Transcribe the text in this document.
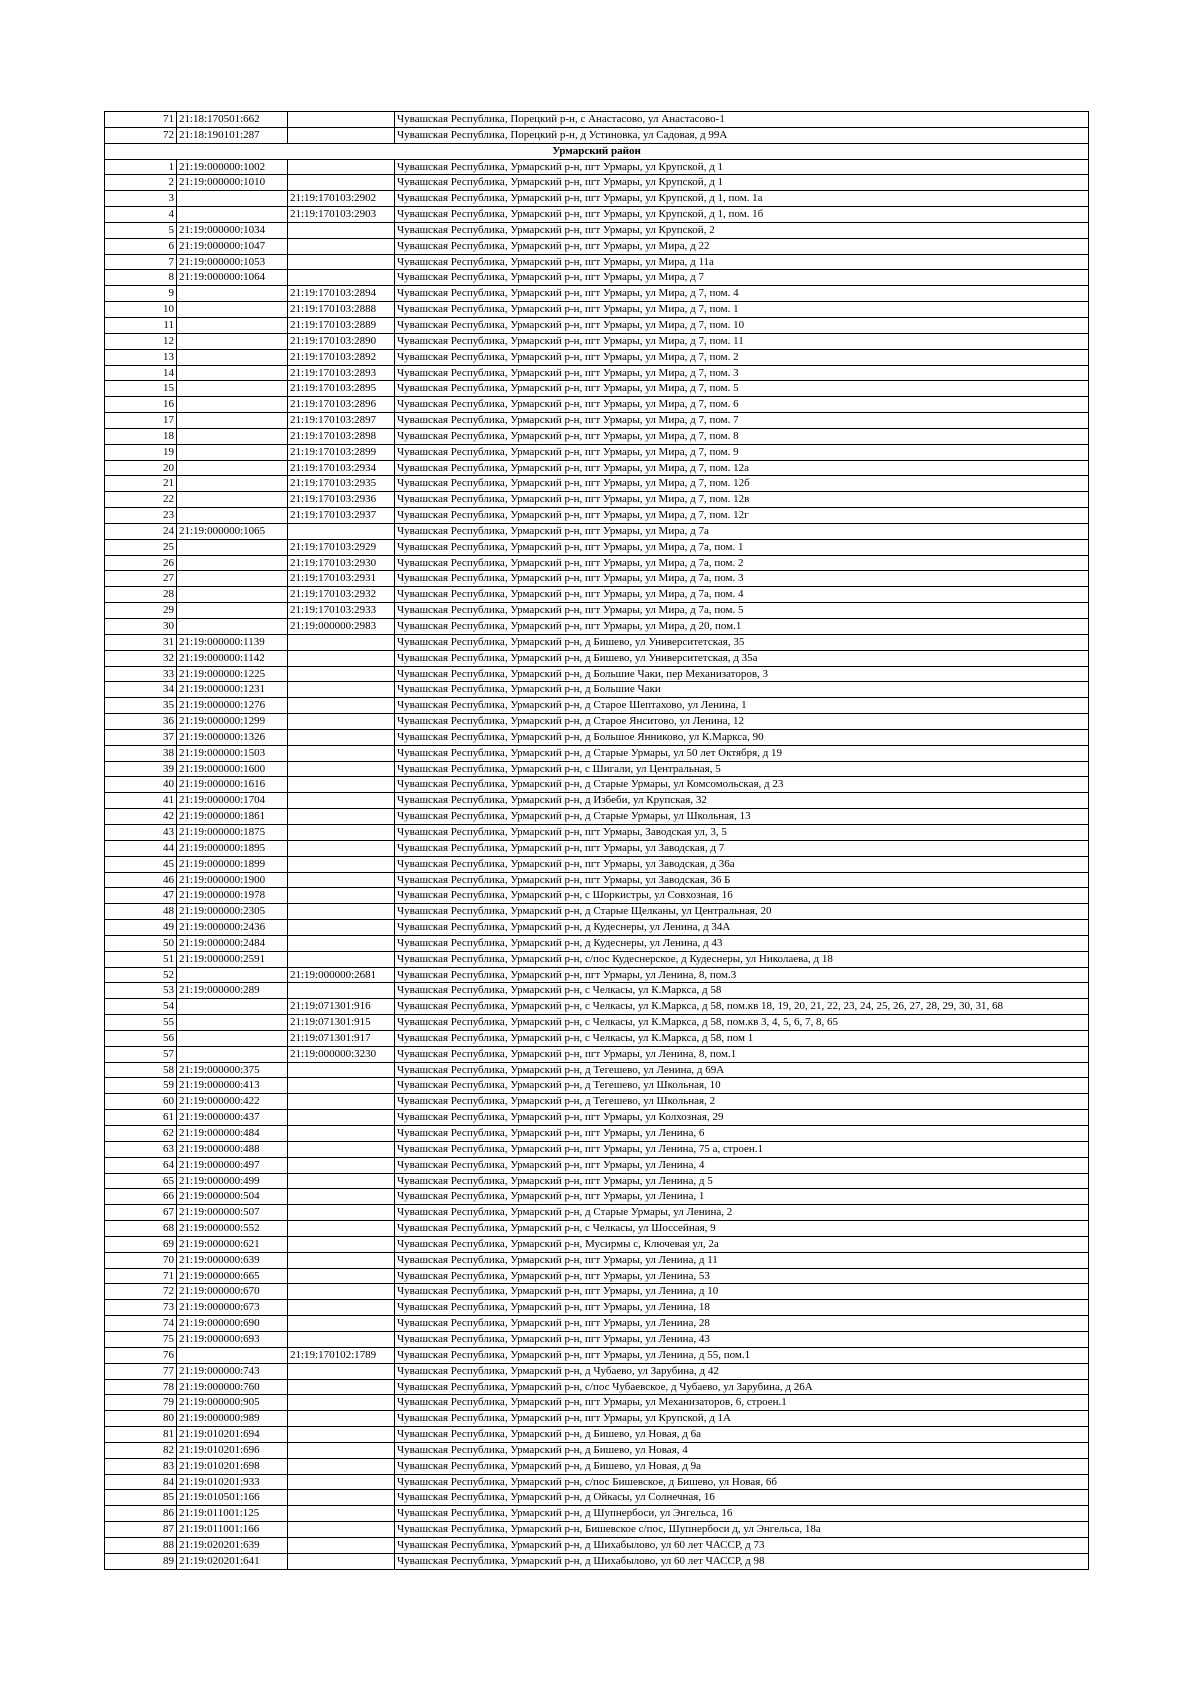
71	21:18:170501:662		Чувашская Республика, Порецкий р-н, с Анастасово, ул Анастасово-1
72	21:18:190101:287		Чувашская Республика, Порецкий р-н, д Устиновка, ул Садовая, д 99А
Урмарский район			
1	21:19:000000:1002		Чувашская Республика, Урмарский р-н, пгт Урмары, ул Крупской, д 1
2	21:19:000000:1010		Чувашская Республика, Урмарский р-н, пгт Урмары, ул Крупской, д 1
3		21:19:170103:2902	Чувашская Республика, Урмарский р-н, пгт Урмары, ул Крупской, д 1, пом. 1а
4		21:19:170103:2903	Чувашская Республика, Урмарский р-н, пгт Урмары, ул Крупской, д 1, пом. 1б
5	21:19:000000:1034		Чувашская Республика, Урмарский р-н, пгт Урмары, ул Крупской, 2
6	21:19:000000:1047		Чувашская Республика, Урмарский р-н, пгт Урмары, ул Мира, д 22
7	21:19:000000:1053		Чувашская Республика, Урмарский р-н, пгт Урмары, ул Мира, д 11а
8	21:19:000000:1064		Чувашская Республика, Урмарский р-н, пгт Урмары, ул Мира, д 7
9		21:19:170103:2894	Чувашская Республика, Урмарский р-н, пгт Урмары, ул Мира, д 7, пом. 4
10		21:19:170103:2888	Чувашская Республика, Урмарский р-н, пгт Урмары, ул Мира, д 7, пом. 1
11		21:19:170103:2889	Чувашская Республика, Урмарский р-н, пгт Урмары, ул Мира, д 7, пом. 10
12		21:19:170103:2890	Чувашская Республика, Урмарский р-н, пгт Урмары, ул Мира, д 7, пом. 11
13		21:19:170103:2892	Чувашская Республика, Урмарский р-н, пгт Урмары, ул Мира, д 7, пом. 2
14		21:19:170103:2893	Чувашская Республика, Урмарский р-н, пгт Урмары, ул Мира, д 7, пом. 3
15		21:19:170103:2895	Чувашская Республика, Урмарский р-н, пгт Урмары, ул Мира, д 7, пом. 5
16		21:19:170103:2896	Чувашская Республика, Урмарский р-н, пгт Урмары, ул Мира, д 7, пом. 6
17		21:19:170103:2897	Чувашская Республика, Урмарский р-н, пгт Урмары, ул Мира, д 7, пом. 7
18		21:19:170103:2898	Чувашская Республика, Урмарский р-н, пгт Урмары, ул Мира, д 7, пом. 8
19		21:19:170103:2899	Чувашская Республика, Урмарский р-н, пгт Урмары, ул Мира, д 7, пом. 9
20		21:19:170103:2934	Чувашская Республика, Урмарский р-н, пгт Урмары, ул Мира, д 7, пом. 12а
21		21:19:170103:2935	Чувашская Республика, Урмарский р-н, пгт Урмары, ул Мира, д 7, пом. 12б
22		21:19:170103:2936	Чувашская Республика, Урмарский р-н, пгт Урмары, ул Мира, д 7, пом. 12в
23		21:19:170103:2937	Чувашская Республика, Урмарский р-н, пгт Урмары, ул Мира, д 7, пом. 12г
24	21:19:000000:1065		Чувашская Республика, Урмарский р-н, пгт Урмары, ул Мира, д 7а
25		21:19:170103:2929	Чувашская Республика, Урмарский р-н, пгт Урмары, ул Мира, д 7а, пом. 1
26		21:19:170103:2930	Чувашская Республика, Урмарский р-н, пгт Урмары, ул Мира, д 7а, пом. 2
27		21:19:170103:2931	Чувашская Республика, Урмарский р-н, пгт Урмары, ул Мира, д 7а, пом. 3
28		21:19:170103:2932	Чувашская Республика, Урмарский р-н, пгт Урмары, ул Мира, д 7а, пом. 4
29		21:19:170103:2933	Чувашская Республика, Урмарский р-н, пгт Урмары, ул Мира, д 7а, пом. 5
30		21:19:000000:2983	Чувашская Республика, Урмарский р-н, пгт Урмары, ул Мира, д 20, пом.1
31	21:19:000000:1139		Чувашская Республика, Урмарский р-н, д Бишево, ул Университетская, 35
32	21:19:000000:1142		Чувашская Республика, Урмарский р-н, д Бишево, ул Университетская, д 35а
33	21:19:000000:1225		Чувашская Республика, Урмарский р-н, д Большие Чаки, пер Механизаторов, 3
34	21:19:000000:1231		Чувашская Республика, Урмарский р-н, д Большие Чаки
35	21:19:000000:1276		Чувашская Республика, Урмарский р-н, д Старое Шептахово, ул Ленина, 1
36	21:19:000000:1299		Чувашская Республика, Урмарский р-н, д Старое Янситово, ул Ленина, 12
37	21:19:000000:1326		Чувашская Республика, Урмарский р-н, д Большое Янниково, ул К.Маркса, 90
38	21:19:000000:1503		Чувашская Республика, Урмарский р-н, д Старые Урмары, ул 50 лет Октября, д 19
39	21:19:000000:1600		Чувашская Республика, Урмарский р-н, с Шигали, ул Центральная, 5
40	21:19:000000:1616		Чувашская Республика, Урмарский р-н, д Старые Урмары, ул Комсомольская, д 23
41	21:19:000000:1704		Чувашская Республика, Урмарский р-н, д Избеби, ул Крупская, 32
42	21:19:000000:1861		Чувашская Республика, Урмарский р-н, д Старые Урмары, ул Школьная, 13
43	21:19:000000:1875		Чувашская Республика, Урмарский р-н, пгт Урмары, Заводская ул, 3, 5
44	21:19:000000:1895		Чувашская Республика, Урмарский р-н, пгт Урмары, ул Заводская, д 7
45	21:19:000000:1899		Чувашская Республика, Урмарский р-н, пгт Урмары, ул Заводская, д 36а
46	21:19:000000:1900		Чувашская Республика, Урмарский р-н, пгт Урмары, ул Заводская, 36 Б
47	21:19:000000:1978		Чувашская Республика, Урмарский р-н, с Шоркистры, ул Совхозная, 16
48	21:19:000000:2305		Чувашская Республика, Урмарский р-н, д Старые Щелканы, ул Центральная, 20
49	21:19:000000:2436		Чувашская Республика, Урмарский р-н, д Кудеснеры, ул Ленина, д 34А
50	21:19:000000:2484		Чувашская Республика, Урмарский р-н, д Кудеснеры, ул Ленина, д 43
51	21:19:000000:2591		Чувашская Республика, Урмарский р-н, с/пос Кудеснерское, д Кудеснеры, ул Николаева, д 18
52		21:19:000000:2681	Чувашская Республика, Урмарский р-н, пгт Урмары, ул Ленина, 8, пом.3
53	21:19:000000:289		Чувашская Республика, Урмарский р-н, с Челкасы, ул К.Маркса, д 58
54		21:19:071301:916	Чувашская Республика, Урмарский р-н, с Челкасы, ул К.Маркса, д 58, пом.кв 18, 19, 20, 21, 22, 23, 24, 25, 26, 27, 28, 29, 30, 31, 68
55		21:19:071301:915	Чувашская Республика, Урмарский р-н, с Челкасы, ул К.Маркса, д 58, пом.кв 3, 4, 5, 6, 7, 8, 65
56		21:19:071301:917	Чувашская Республика, Урмарский р-н, с Челкасы, ул К.Маркса, д 58, пом 1
57		21:19:000000:3230	Чувашская Республика, Урмарский р-н, пгт Урмары, ул Ленина, 8, пом.1
58	21:19:000000:375		Чувашская Республика, Урмарский р-н, д Тегешево, ул Ленина, д 69А
59	21:19:000000:413		Чувашская Республика, Урмарский р-н, д Тегешево, ул Школьная, 10
60	21:19:000000:422		Чувашская Республика, Урмарский р-н, д Тегешево, ул Школьная, 2
61	21:19:000000:437		Чувашская Республика, Урмарский р-н, пгт Урмары, ул Колхозная, 29
62	21:19:000000:484		Чувашская Республика, Урмарский р-н, пгт Урмары, ул Ленина, 6
63	21:19:000000:488		Чувашская Республика, Урмарский р-н, пгт Урмары, ул Ленина, 75 а, строен.1
64	21:19:000000:497		Чувашская Республика, Урмарский р-н, пгт Урмары, ул Ленина, 4
65	21:19:000000:499		Чувашская Республика, Урмарский р-н, пгт Урмары, ул Ленина, д 5
66	21:19:000000:504		Чувашская Республика, Урмарский р-н, пгт Урмары, ул Ленина, 1
67	21:19:000000:507		Чувашская Республика, Урмарский р-н, д Старые Урмары, ул Ленина, 2
68	21:19:000000:552		Чувашская Республика, Урмарский р-н, с Челкасы, ул Шоссейная, 9
69	21:19:000000:621		Чувашская Республика, Урмарский р-н, Мусирмы с, Ключевая ул, 2а
70	21:19:000000:639		Чувашская Республика, Урмарский р-н, пгт Урмары, ул Ленина, д 11
71	21:19:000000:665		Чувашская Республика, Урмарский р-н, пгт Урмары, ул Ленина, 53
72	21:19:000000:670		Чувашская Республика, Урмарский р-н, пгт Урмары, ул Ленина, д 10
73	21:19:000000:673		Чувашская Республика, Урмарский р-н, пгт Урмары, ул Ленина, 18
74	21:19:000000:690		Чувашская Республика, Урмарский р-н, пгт Урмары, ул Ленина, 28
75	21:19:000000:693		Чувашская Республика, Урмарский р-н, пгт Урмары, ул Ленина, 43
76		21:19:170102:1789	Чувашская Республика, Урмарский р-н, пгт Урмары, ул Ленина, д 55, пом.1
77	21:19:000000:743		Чувашская Республика, Урмарский р-н, д Чубаево, ул Зарубина, д 42
78	21:19:000000:760		Чувашская Республика, Урмарский р-н, с/пос Чубаевское, д Чубаево, ул Зарубина, д 26А
79	21:19:000000:905		Чувашская Республика, Урмарский р-н, пгт Урмары, ул Механизаторов, 6, строен.1
80	21:19:000000:989		Чувашская Республика, Урмарский р-н, пгт Урмары, ул Крупской, д 1А
81	21:19:010201:694		Чувашская Республика, Урмарский р-н, д Бишево, ул Новая, д 6а
82	21:19:010201:696		Чувашская Республика, Урмарский р-н, д Бишево, ул Новая, 4
83	21:19:010201:698		Чувашская Республика, Урмарский р-н, д Бишево, ул Новая, д 9а
84	21:19:010201:933		Чувашская Республика, Урмарский р-н, с/пос Бишевское, д Бишево, ул Новая, 6б
85	21:19:010501:166		Чувашская Республика, Урмарский р-н, д Ойкасы, ул Солнечная, 16
86	21:19:011001:125		Чувашская Республика, Урмарский р-н, д Шупнербоси, ул Энгельса, 16
87	21:19:011001:166		Чувашская Республика, Урмарский р-н, Бишевское с/пос, Шупнербоси д, ул Энгельса, 18а
88	21:19:020201:639		Чувашская Республика, Урмарский р-н, д Шихабылово, ул 60 лет ЧАССР, д 73
89	21:19:020201:641		Чувашская Республика, Урмарский р-н, д Шихабылово, ул 60 лет ЧАССР, д 98
